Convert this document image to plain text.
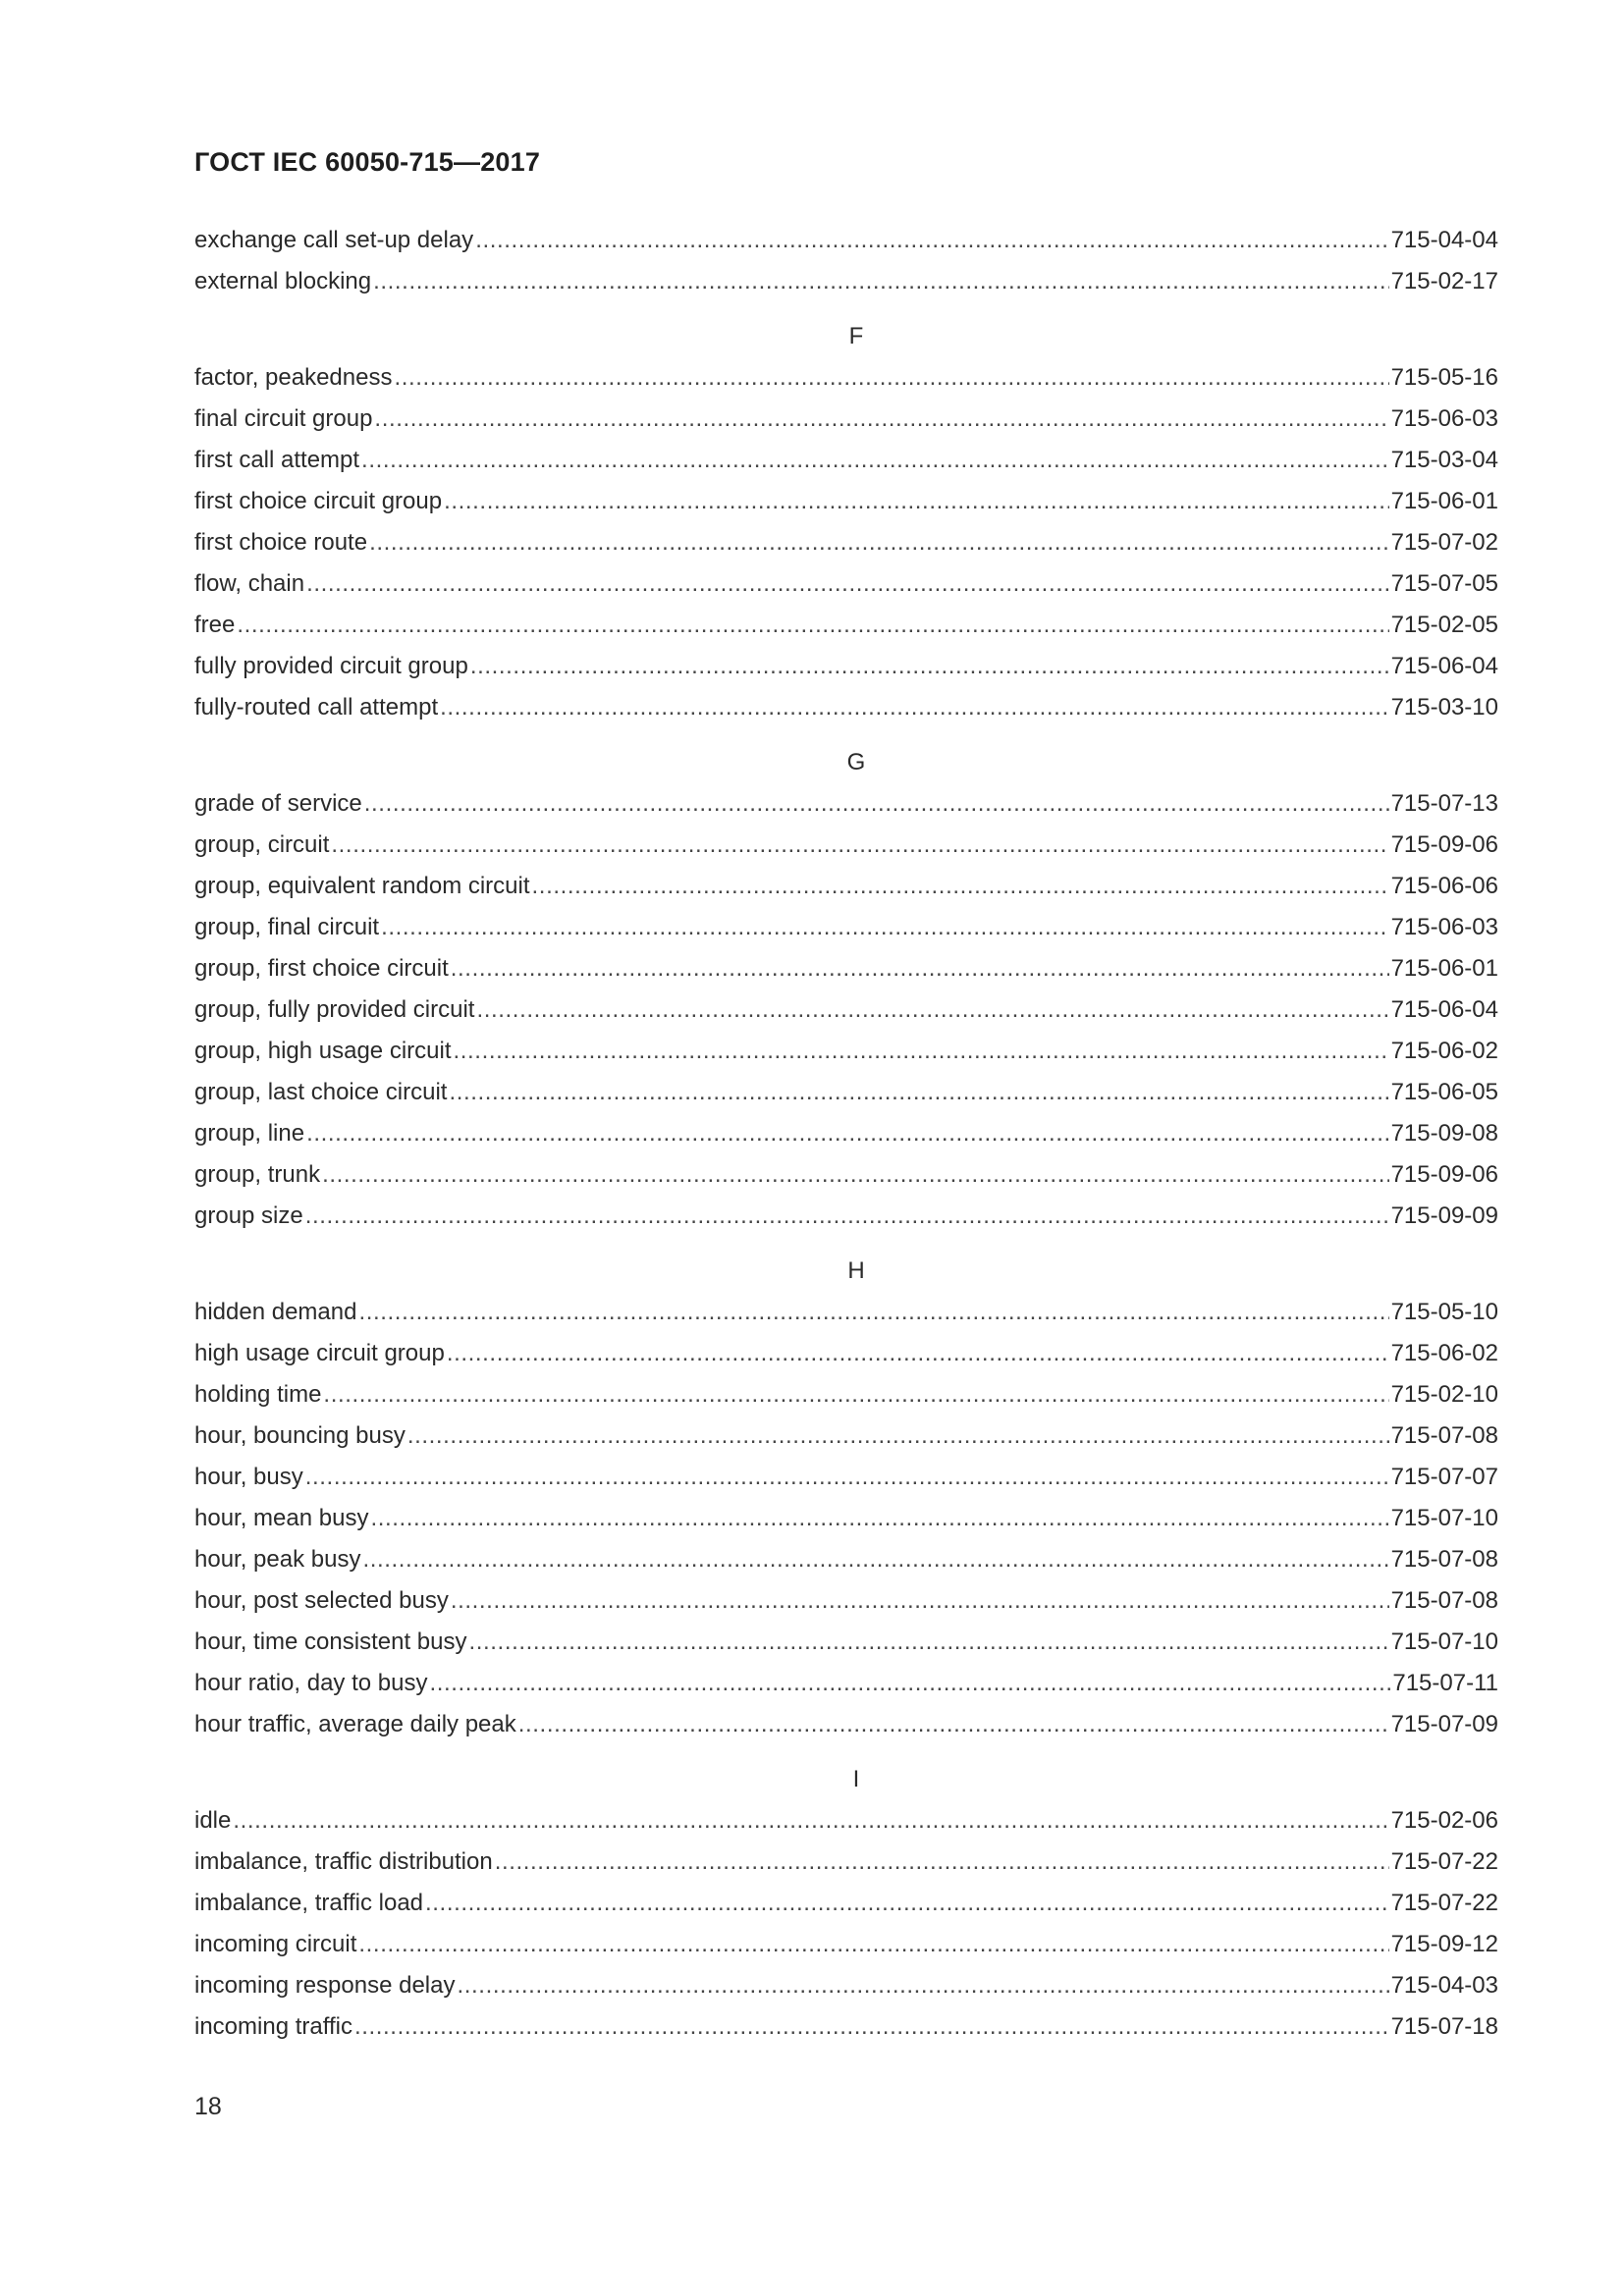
ГОСТ IEC 60050-715—2017
exchange call set-up delay .....	715-04-04
external blocking .....	715-02-17
F
factor, peakedness .....	715-05-16
final circuit group .....	715-06-03
first call attempt .....	715-03-04
first choice circuit group .....	715-06-01
first choice route .....	715-07-02
flow, chain .....	715-07-05
free .....	715-02-05
fully provided circuit group .....	715-06-04
fully-routed call attempt .....	715-03-10
G
grade of service .....	715-07-13
group, circuit .....	715-09-06
group, equivalent random circuit .....	715-06-06
group, final circuit .....	715-06-03
group, first choice circuit .....	715-06-01
group, fully provided circuit .....	715-06-04
group, high usage circuit .....	715-06-02
group, last choice circuit .....	715-06-05
group, line .....	715-09-08
group, trunk .....	715-09-06
group size .....	715-09-09
H
hidden demand .....	715-05-10
high usage circuit group .....	715-06-02
holding time .....	715-02-10
hour, bouncing busy .....	715-07-08
hour, busy .....	715-07-07
hour, mean busy .....	715-07-10
hour, peak busy .....	715-07-08
hour, post selected busy .....	715-07-08
hour, time consistent busy .....	715-07-10
hour ratio, day to busy .....	715-07-11
hour traffic, average daily peak .....	715-07-09
I
idle .....	715-02-06
imbalance, traffic distribution .....	715-07-22
imbalance, traffic load .....	715-07-22
incoming circuit .....	715-09-12
incoming response delay .....	715-04-03
incoming traffic .....	715-07-18
18
